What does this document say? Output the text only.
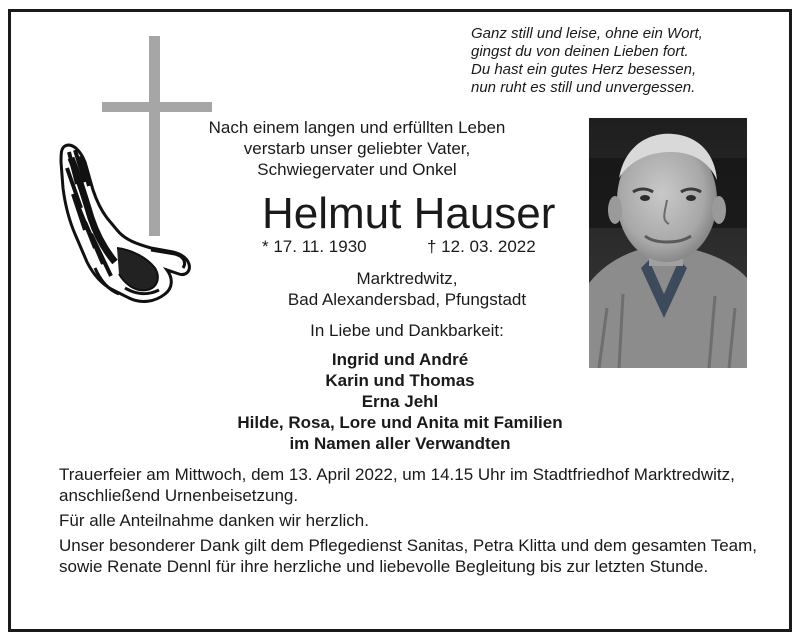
Ganz still und leise, ohne ein Wort,
gingst du von deinen Lieben fort.
Du hast ein gutes Herz besessen,
nun ruht es still und unvergessen.
Nach einem langen und erfüllten Leben
verstarb unser geliebter Vater,
Schwiegervater und Onkel
Helmut Hauser
* 17. 11. 1930	† 12. 03. 2022
Marktredwitz,
Bad Alexandersbad, Pfungstadt
In Liebe und Dankbarkeit:
Ingrid und André
Karin und Thomas
Erna Jehl
Hilde, Rosa, Lore und Anita mit Familien
im Namen aller Verwandten

Trauerfeier am Mittwoch, dem 13. April 2022, um 14.15 Uhr im Stadtfriedhof Marktredwitz, anschließend Urnenbeisetzung.

Für alle Anteilnahme danken wir herzlich.

Unser besonderer Dank gilt dem Pflegedienst Sanitas, Petra Klitta und dem gesamten Team, sowie Renate Dennl für ihre herzliche und liebevolle Begleitung bis zur letzten Stunde.
